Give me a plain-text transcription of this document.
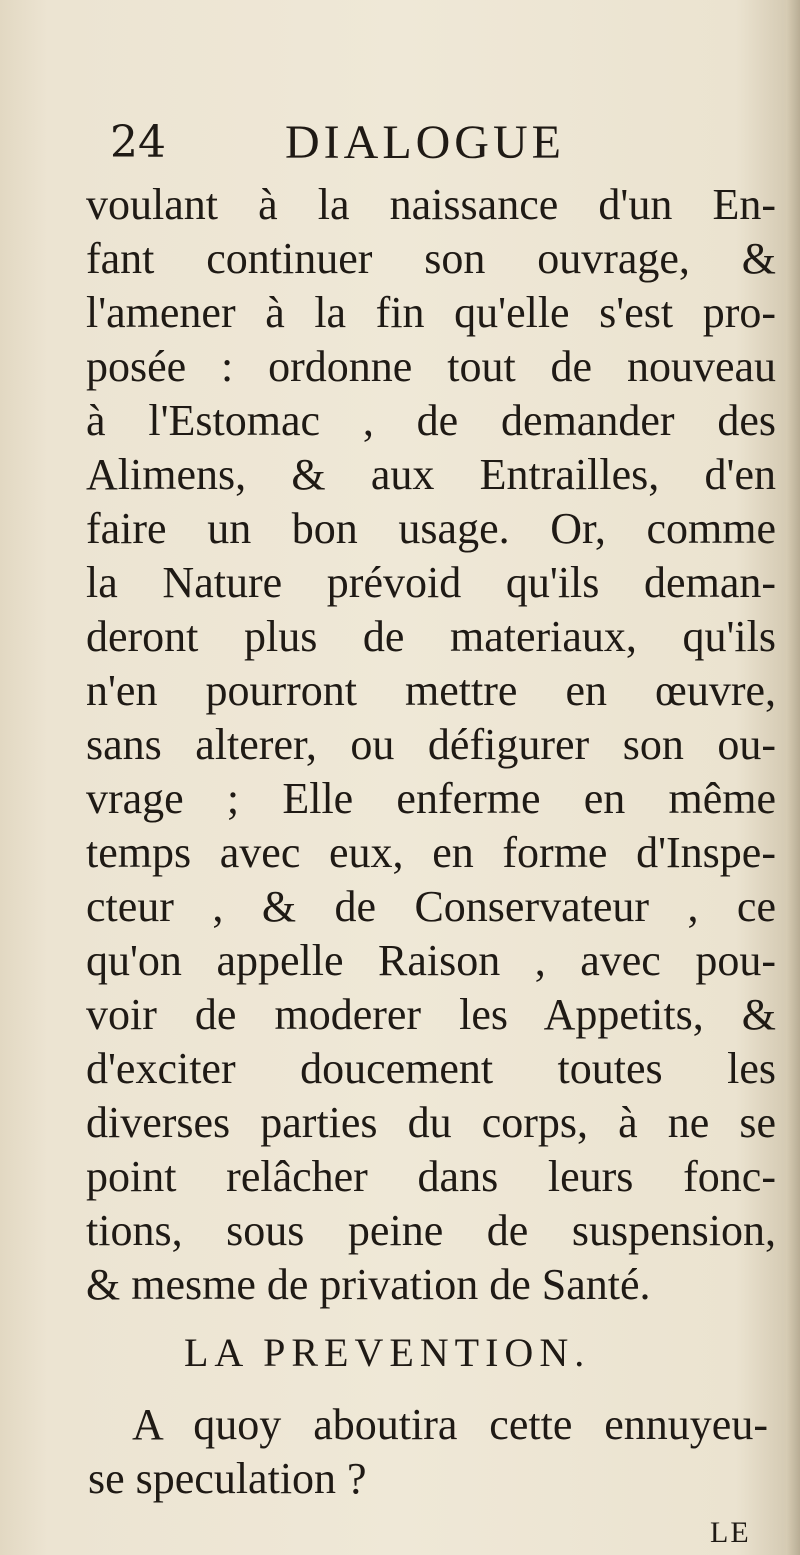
24 DIALOGUE
voulant à la naissance d'un En-
fant continuer son ouvrage, &
l'amener à la fin qu'elle s'est pro-
posée : ordonne tout de nouveau
à l'Estomac , de demander des
Alimens, & aux Entrailles, d'en
faire un bon usage. Or, comme
la Nature prévoid qu'ils deman-
deront plus de materiaux, qu'ils
n'en pourront mettre en œuvre,
sans alterer, ou défigurer son ou-
vrage ; Elle enferme en même
temps avec eux, en forme d'Inspe-
cteur , & de Conservateur , ce
qu'on appelle Raison , avec pou-
voir de moderer les Appetits, &
d'exciter doucement toutes les
diverses parties du corps, à ne se
point relâcher dans leurs fonc-
tions, sous peine de suspension,
& mesme de privation de Santé.
LA PREVENTION.
A quoy aboutira cette ennuyeu-
se speculation ?
LE
